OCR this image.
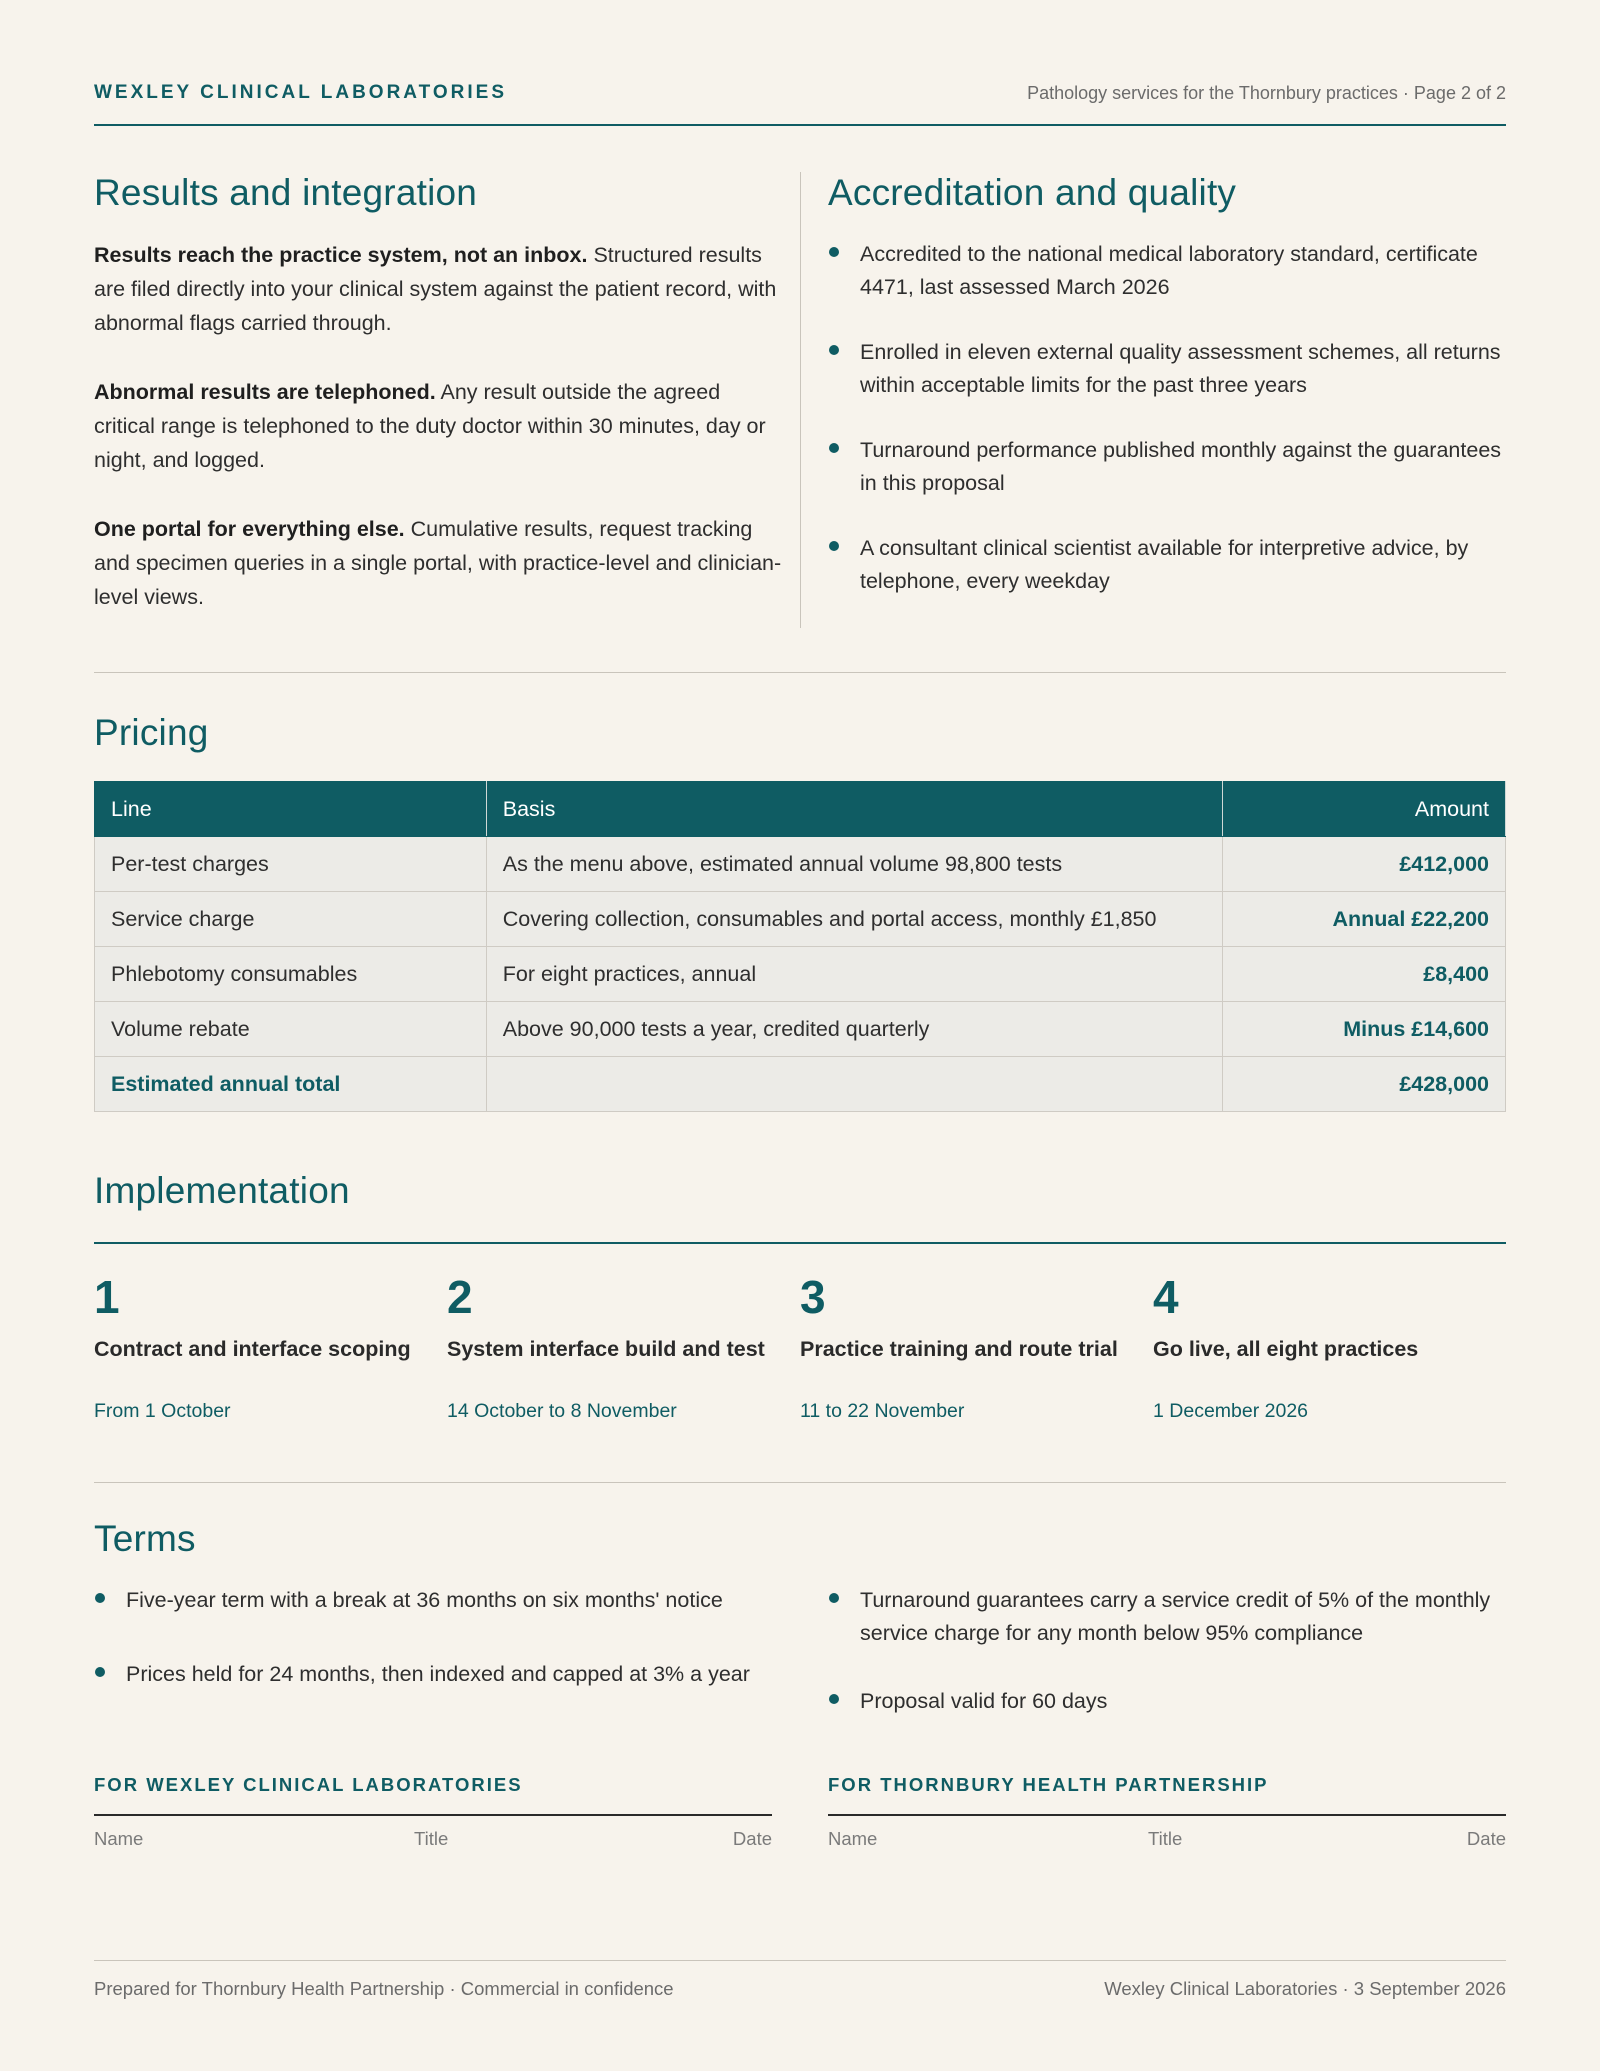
WEXLEY CLINICAL LABORATORIES	Pathology services for the Thornbury practices · Page 2 of 2
Results and integration

Results reach the practice system, not an inbox. Structured results are filed directly into your clinical system against the patient record, with abnormal flags carried through.

Abnormal results are telephoned. Any result outside the agreed critical range is telephoned to the duty doctor within 30 minutes, day or night, and logged.

One portal for everything else. Cumulative results, request tracking and specimen queries in a single portal, with practice-level and clinician-level views.

Accreditation and quality
Accredited to the national medical laboratory standard, certificate 4471, last assessed March 2026
Enrolled in eleven external quality assessment schemes, all returns within acceptable limits for the past three years
Turnaround performance published monthly against the guarantees in this proposal
A consultant clinical scientist available for interpretive advice, by telephone, every weekday
Pricing
Line	Basis	Amount
Per-test charges	As the menu above, estimated annual volume 98,800 tests	£412,000
Service charge	Covering collection, consumables and portal access, monthly £1,850	Annual £22,200
Phlebotomy consumables	For eight practices, annual	£8,400
Volume rebate	Above 90,000 tests a year, credited quarterly	Minus £14,600
Estimated annual total		£428,000
Implementation
1
Contract and interface scoping
From 1 October
2
System interface build and test
14 October to 8 November
3
Practice training and route trial
11 to 22 November
4
Go live, all eight practices
1 December 2026
Terms
Five-year term with a break at 36 months on six months' notice
Prices held for 24 months, then indexed and capped at 3% a year
Turnaround guarantees carry a service credit of 5% of the monthly service charge for any month below 95% compliance
Proposal valid for 60 days
FOR WEXLEY CLINICAL LABORATORIES
Name	Title	Date
FOR THORNBURY HEALTH PARTNERSHIP
Name	Title	Date
Prepared for Thornbury Health Partnership · Commercial in confidence	Wexley Clinical Laboratories · 3 September 2026
